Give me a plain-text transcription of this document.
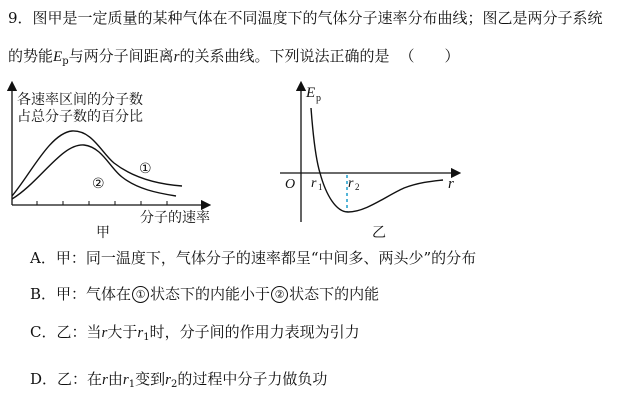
9．图甲是一定质量的某种气体在不同温度下的气体分子速率分布曲线；图乙是两分子系统
的势能$E_p$与两分子间距离r的关系曲线。下列说法正确的是 （　　）
各速率区间的分子数
占总分子数的百分比
①
②
分子的速率
甲
E p
O r 1 r 2	r
乙
A．甲：同一温度下，气体分子的速率都呈“中间多、两头少”的分布
B．甲：气体在 ① 状态下的内能小于 ② 状态下的内能
C．乙：当r大于$r_1$时，分子间的作用力表现为引力
D．乙：在r由$r_1$变到$r_2$的过程中分子力做负功
